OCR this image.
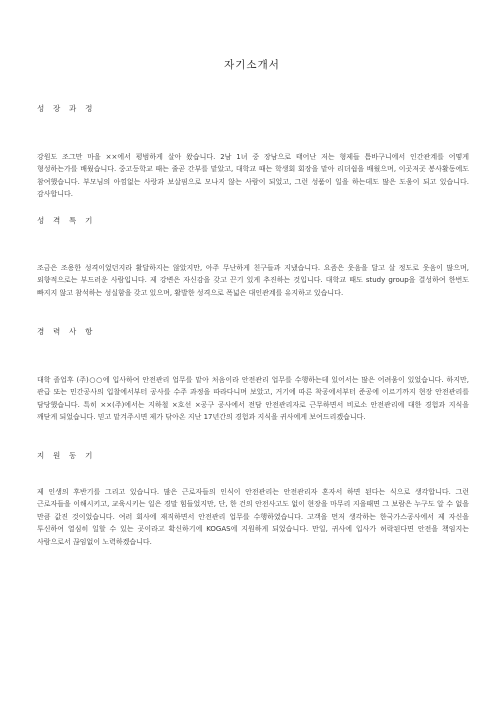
자기소개서
성 장 과 정
강원도 조그만 마을 ××에서 평범하게 살아 왔습니다. 2남 1녀 중 장남으로 태어난 저는 형제들 틈바구니에서 인간관계를 어떻게 형성하는가를 배웠습니다. 중고등학교 때는 줄곧 간부를 맡았고, 대학교 때는 학생회 회장을 맡아 리더쉽을 배웠으며, 이곳저곳 봉사활동에도 참여했습니다. 부모님의 아낌없는 사랑과 보살핌으로 모나지 않는 사람이 되었고, 그런 성품이 일을 하는데도 많은 도움이 되고 있습니다. 감사합니다.
성 격 특 기
조금은 조용한 성격이었던지라 활달하지는 않았지만, 아주 무난하게 친구들과 지냈습니다. 요즘은 웃음을 달고 살 정도로 웃음이 많으며, 외향적으로는 부드러운 사람입니다. 제 강변은 자신감을 갖고 끈기 있게 추진하는 것입니다. 대학교 때도 study group을 결성하여 한번도 빠지지 않고 참석하는 성실함을 갖고 있으며, 활발한 성격으로 폭넓은 대인관계를 유지하고 있습니다.
경 력 사 항
대학 졸업후 (주)○○에 입사하여 안전관리 업무를 맡아 처음이라 안전관리 업무를 수행하는데 있어서는 많은 어려움이 있었습니다. 하지만, 관급 또는 민간공사의 입찰에서부터 공사를 수주 과정을 따라다니며 보았고, 거기에 따른 착공에서부터 준공에 이르기까지 현장 안전관리를 담당했습니다. 특히 ××(주)에서는 지하철 ×호선 ×공구 공사에서 전담 안전관리자로 근무하면서 비로소 안전관리에 대한 경험과 지식을 깨닫게 되었습니다. 믿고 맡겨주시면 제가 닦아온 지난 17년간의 경험과 지식을 귀사에게 보여드리겠습니다.
지 원 동 기
제 인생의 후반기를 그리고 있습니다. 많은 근로자들의 인식이 안전관리는 안전관리자 혼자서 하면 된다는 식으로 생각합니다. 그런 근로자들을 이해시키고, 교육시키는 일은 경말 힘들었지만, 단, 한 건의 안전사고도 없이 현장을 마무리 지을때면 그 보람은 누구도 알 수 없을 만큼 값진 것이었습니다. 여러 회사에 재직하면서 안전관리 업무를 수행하였습니다. 고객을 먼저 생각하는 한국가스공사에서 제 자신을 투신하여 열심히 일할 수 있는 곳이라고 확신하기에 KOGAS에 지원하게 되었습니다. 만일, 귀사에 입사가 허락된다면 안전을 책임지는 사람으로서 끊임없이 노력하겠습니다.
